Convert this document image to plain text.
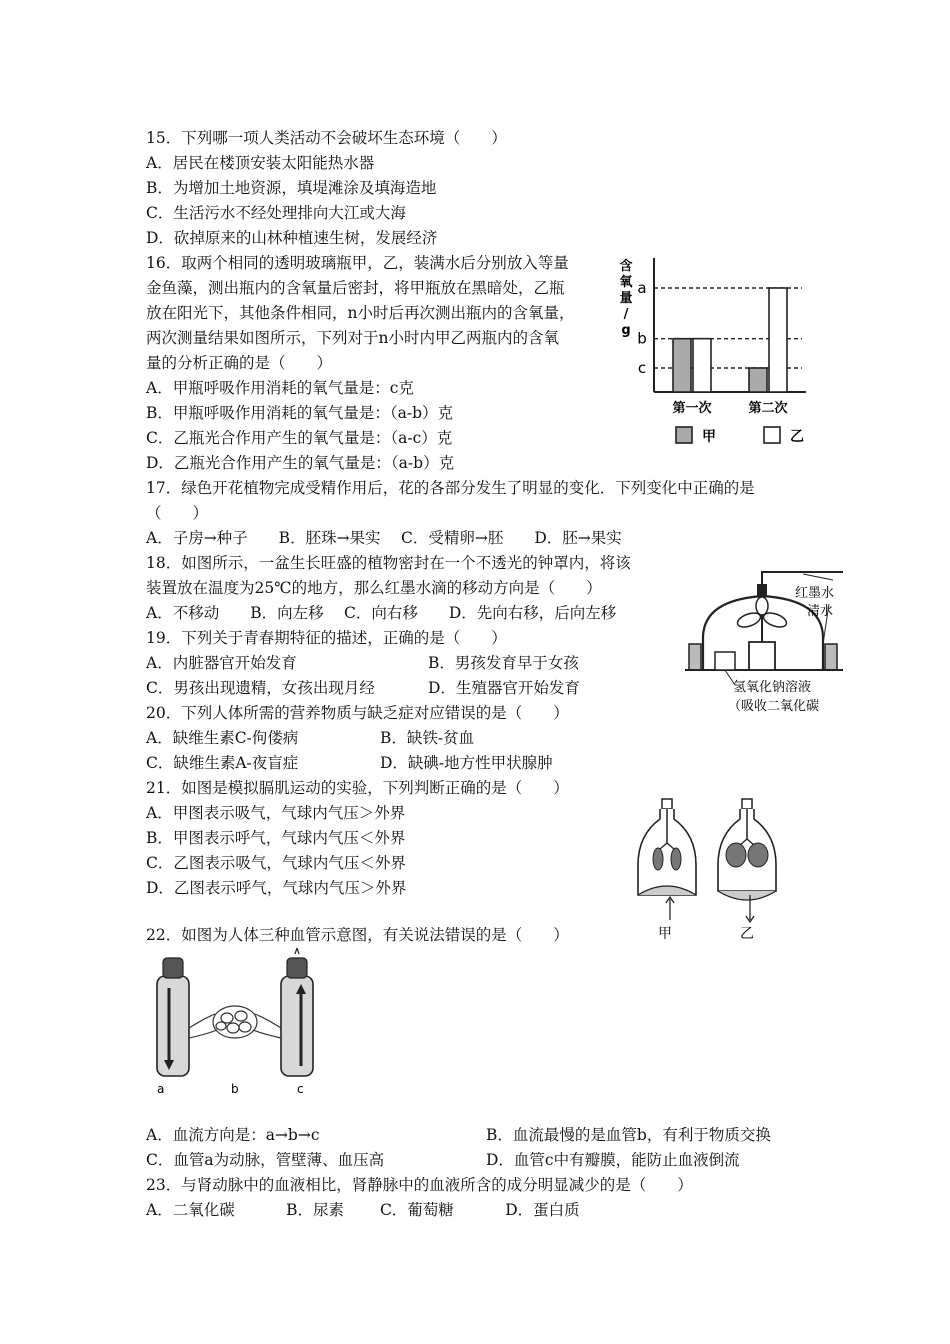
15．下列哪一项人类活动不会破坏生态环境（　　）
A．居民在楼顶安装太阳能热水器
B．为增加土地资源，填堤滩涂及填海造地
C．生活污水不经处理排向大江或大海
D．砍掉原来的山林种植速生树，发展经济
16．取两个相同的透明玻璃瓶甲，乙，装满水后分别放入等量
金鱼藻，测出瓶内的含氧量后密封，将甲瓶放在黑暗处，乙瓶
放在阳光下，其他条件相同，n小时后再次测出瓶内的含氧量，
两次测量结果如图所示，下列对于n小时内甲乙两瓶内的含氧
量的分析正确的是（　　）
A．甲瓶呼吸作用消耗的氧气量是：c克
B．甲瓶呼吸作用消耗的氧气量是：（a-b）克
C．乙瓶光合作用产生的氧气量是：（a-c）克
D．乙瓶光合作用产生的氧气量是：（a-b）克
含
氧
量
/
g
a
b
c
第一次	第二次
甲	乙
17．绿色开花植物完成受精作用后，花的各部分发生了明显的变化．下列变化中正确的是
（　　）
A．子房→种子　　B．胚珠→果实　 C．受精卵→胚　　D．胚→果实
18．如图所示，一盆生长旺盛的植物密封在一个不透光的钟罩内，将该
装置放在温度为25℃的地方，那么红墨水滴的移动方向是（　　）
A．不移动　　B．向左移　 C．向右移　　D．先向右移，后向左移
红墨水
清水
氢氧化钠溶液
（吸收二氧化碳
19．下列关于青春期特征的描述，正确的是（　　）
A．内脏器官开始发育	B．男孩发育早于女孩
C．男孩出现遗精，女孩出现月经	D．生殖器官开始发育
20．下列人体所需的营养物质与缺乏症对应错误的是（　　）
A．缺维生素C-佝偻病	B．缺铁-贫血
C．缺维生素A-夜盲症	D．缺碘-地方性甲状腺肿
21．如图是模拟膈肌运动的实验，下列判断正确的是（　　）
A．甲图表示吸气，气球内气压＞外界
B．甲图表示呼气，气球内气压＜外界
C．乙图表示吸气，气球内气压＜外界
D．乙图表示呼气，气球内气压＞外界
甲	乙
22．如图为人体三种血管示意图，有关说法错误的是（　　）
a	b	c
A．血流方向是：a→b→c	B．血流最慢的是血管b，有利于物质交换
C．血管a为动脉，管壁薄、血压高	D．血管c中有瓣膜，能防止血液倒流
23．与肾动脉中的血液相比，肾静脉中的血液所含的成分明显减少的是（　　）
A．二氧化碳　　　 B．尿素　　 C．葡萄糖　　　 D．蛋白质
